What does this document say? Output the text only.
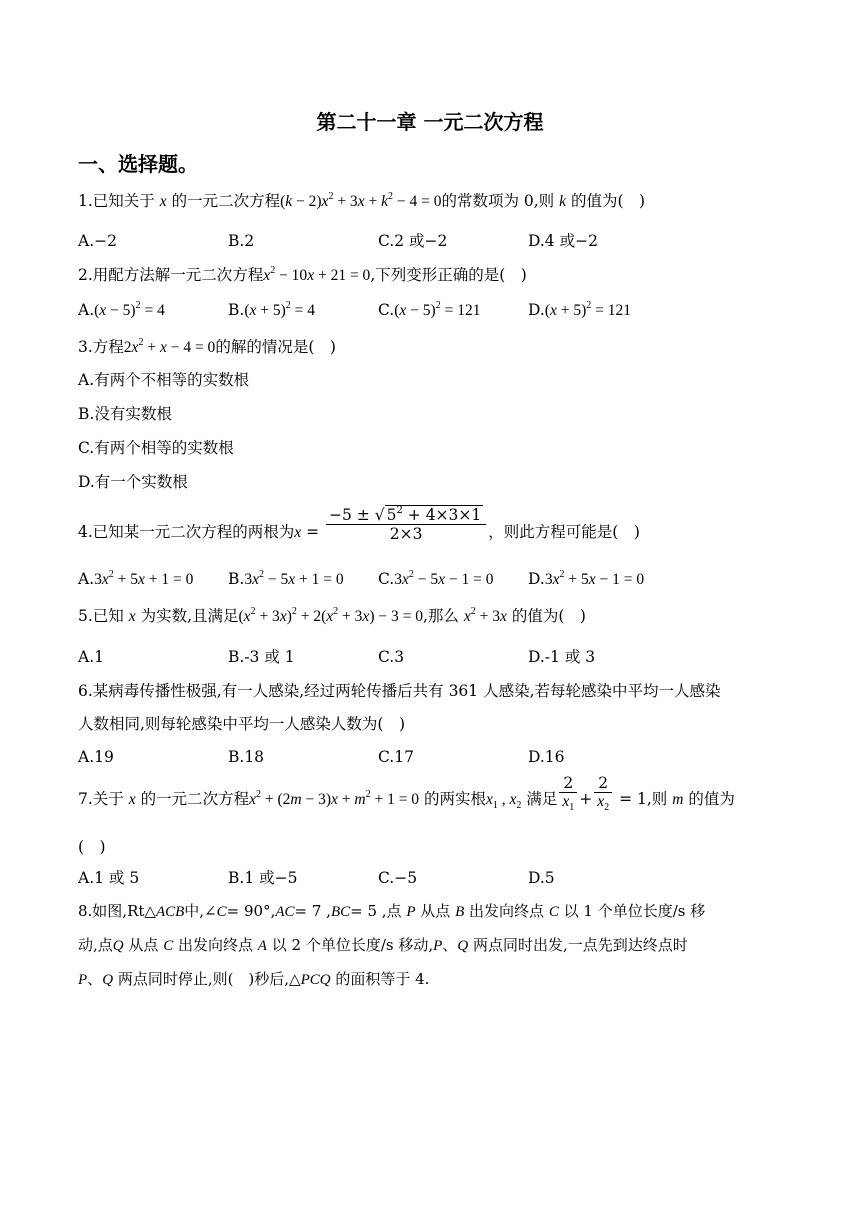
第二十一章 一元二次方程
一、选择题。
1.已知关于 x 的一元二次方程$(k - 2)x^2 + 3x + k^2 - 4 = 0$的常数项为 0,则 k 的值为(　)
A.−2	B.2	C.2 或−2	D.4 或−2
2.用配方法解一元二次方程$x^2 - 10x + 21 = 0$,下列变形正确的是(　)
$A.(x - 5)^2 = 4$	$B.(x + 5)^2 = 4$	$C.(x - 5)^2 = 121$	$D.(x + 5)^2 = 121$
3.方程$2x^2 + x - 4 = 0$的解的情况是(　)
A.有两个不相等的实数根
B.没有实数根
C.有两个相等的实数根
D.有一个实数根
4.已知某一元二次方程的两根为$x = \frac{-5 \pm √ 5^2 + 4\times 3\times 1}{2\times 3}$ ，则此方程可能是(　)
$A.3x^2 + 5x + 1 = 0$ $B.3x^2 - 5x + 1 = 0$ $C.3x^2 - 5x - 1 = 0$ $D.3x^2 + 5x - 1 = 0$
5.已知 x 为实数,且满足$(x^2 + 3x)^2 + 2(x^2 + 3x) - 3 = 0$,那么 $x^2 + 3x$ 的值为(　)
A.1	B.-3 或 1	C.3	D.-1 或 3
6.某病毒传播性极强,有一人感染,经过两轮传播后共有 361 人感染,若每轮感染中平均一人感染
人数相同,则每轮感染中平均一人感染人数为(　)
A.19	B.18	C.17	D.16
7.关于 x 的一元二次方程$x^2 + (2m - 3)x + m^2 + 1 = 0$ 的两实根$x_1$ , $x_2$ 满足 $\frac{2}{x_1} + \frac{2}{x_2} = 1$,则 m 的值为
(　)
A.1 或 5	B.1 或−5	C.−5	D.5
8.如图,Rt△ACB中,∠C= 90°,AC= 7 ,BC= 5 ,点 P 从点 B 出发向终点 C 以 1 个单位长度/s 移
动,点Q 从点 C 出发向终点 A 以 2 个单位长度/s 移动,P、Q 两点同时出发,一点先到达终点时
P、Q 两点同时停止,则(　)秒后,△PCQ 的面积等于 4.
